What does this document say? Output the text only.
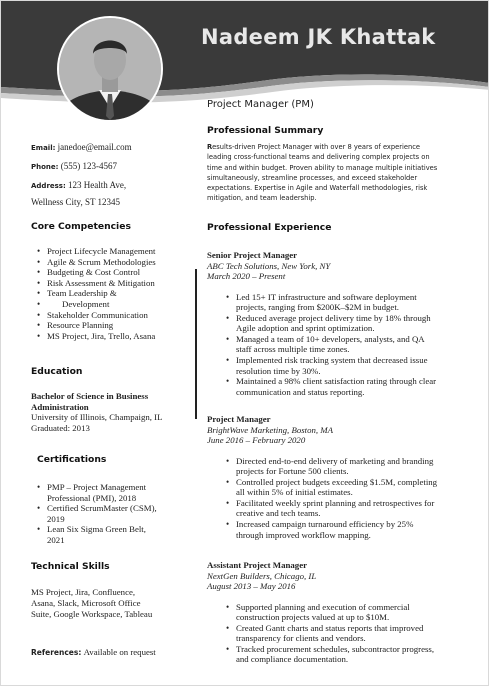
Nadeem JK Khattak
Project Manager (PM)
Email: janedoe@email.com
Phone: (555) 123-4567
Address: 123 Health Ave,
Wellness City, ST 12345
Core Competencies
• Project Lifecycle Management
• Agile & Scrum Methodologies
• Budgeting & Cost Control
• Risk Assessment & Mitigation
• Team Leadership &
• Development
• Stakeholder Communication
• Resource Planning
• MS Project, Jira, Trello, Asana
Education
Bachelor of Science in Business
Administration
University of Illinois, Champaign, IL
Graduated: 2013
Certifications
• PMP – Project Management
Professional (PMI), 2018
• Certified ScrumMaster (CSM),
2019
• Lean Six Sigma Green Belt,
2021
Technical Skills
MS Project, Jira, Confluence,
Asana, Slack, Microsoft Office
Suite, Google Workspace, Tableau
References: Available on request
Professional Summary
Results-driven Project Manager with over 8 years of experience
leading cross-functional teams and delivering complex projects on
time and within budget. Proven ability to manage multiple initiatives
simultaneously, streamline processes, and exceed stakeholder
expectations. Expertise in Agile and Waterfall methodologies, risk
mitigation, and team leadership.
Professional Experience
Senior Project Manager
ABC Tech Solutions, New York, NY
March 2020 – Present
• Led 15+ IT infrastructure and software deployment
projects, ranging from $200K–$2M in budget.
• Reduced average project delivery time by 18% through
Agile adoption and sprint optimization.
• Managed a team of 10+ developers, analysts, and QA
staff across multiple time zones.
• Implemented risk tracking system that decreased issue
resolution time by 30%.
• Maintained a 98% client satisfaction rating through clear
communication and status reporting.
Project Manager
BrightWave Marketing, Boston, MA
June 2016 – February 2020
• Directed end-to-end delivery of marketing and branding
projects for Fortune 500 clients.
• Controlled project budgets exceeding $1.5M, completing
all within 5% of initial estimates.
• Facilitated weekly sprint planning and retrospectives for
creative and tech teams.
• Increased campaign turnaround efficiency by 25%
through improved workflow mapping.
Assistant Project Manager
NextGen Builders, Chicago, IL
August 2013 – May 2016
• Supported planning and execution of commercial
construction projects valued at up to $10M.
• Created Gantt charts and status reports that improved
transparency for clients and vendors.
• Tracked procurement schedules, subcontractor progress,
and compliance documentation.
